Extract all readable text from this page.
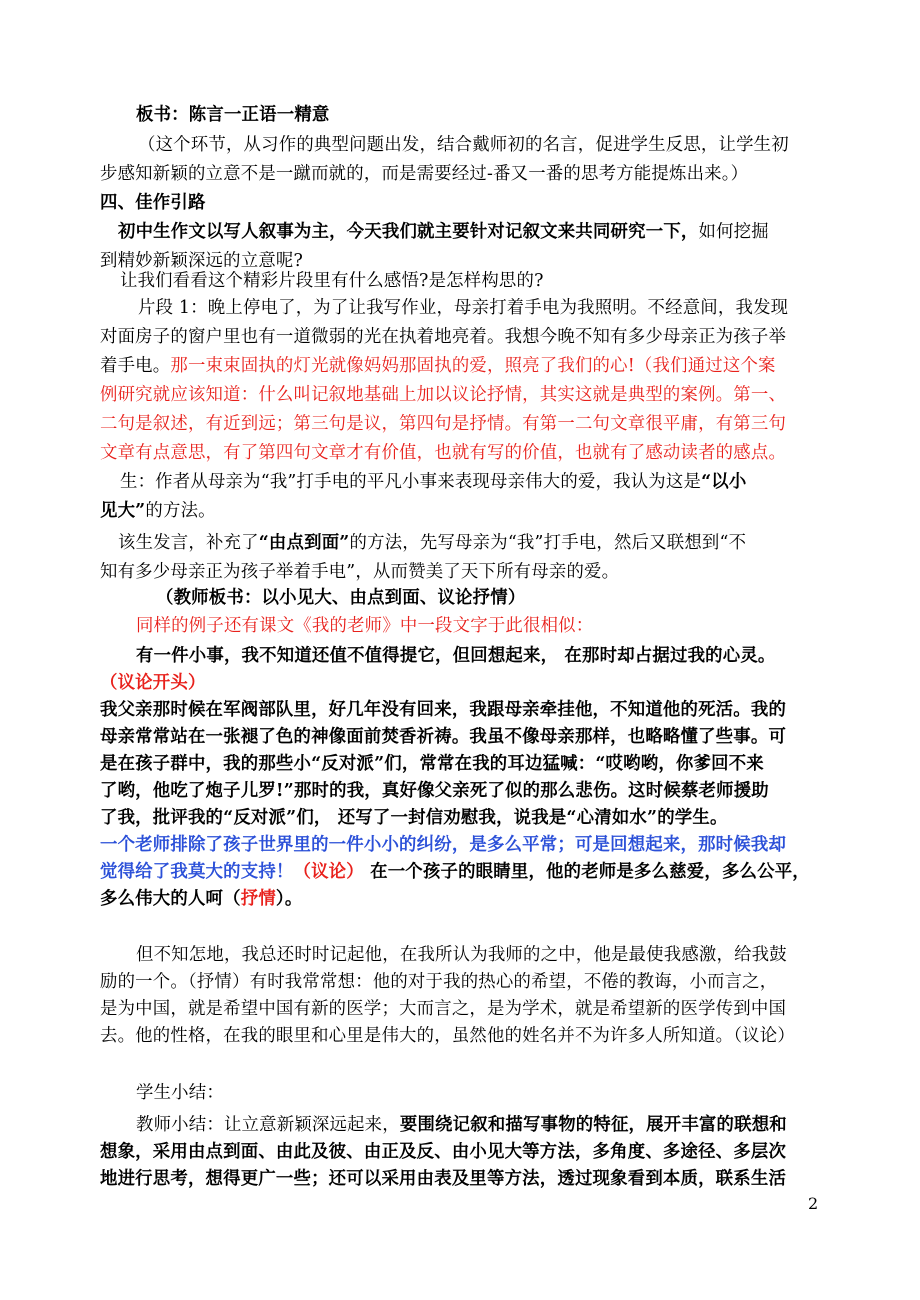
板书：陈言一正语一精意
（这个环节，从习作的典型问题出发，结合戴师初的名言，促进学生反思，让学生初
步感知新颖的立意不是一蹴而就的，而是需要经过-番又一番的思考方能提炼出来。）
四、佳作引路
初中生作文以写人叙事为主，今天我们就主要针对记叙文来共同研究一下，如何挖掘
到精妙新颖深远的立意呢?
让我们看看这个精彩片段里有什么感悟?是怎样构思的?
片段 1：晚上停电了，为了让我写作业，母亲打着手电为我照明。不经意间，我发现
对面房子的窗户里也有一道微弱的光在执着地亮着。我想今晚不知有多少母亲正为孩子举
着手电。那一束束固执的灯光就像妈妈那固执的爱，照亮了我们的心!（我们通过这个案
例研究就应该知道：什么叫记叙地基础上加以议论抒情，其实这就是典型的案例。第一、
二句是叙述，有近到远；第三句是议，第四句是抒情。有第一二句文章很平庸，有第三句
文章有点意思，有了第四句文章才有价值，也就有写的价值，也就有了感动读者的感点。
生：作者从母亲为“我”打手电的平凡小事来表现母亲伟大的爱，我认为这是“以小
见大”的方法。
该生发言，补充了“由点到面”的方法，先写母亲为“我”打手电，然后又联想到“不
知有多少母亲正为孩子举着手电”，从而赞美了天下所有母亲的爱。
（教师板书：以小见大、由点到面、议论抒情）
同样的例子还有课文《我的老师》中一段文字于此很相似：
有一件小事，我不知道还值不值得提它，但回想起来， 在那时却占据过我的心灵。
（议论开头）
我父亲那时候在军阀部队里，好几年没有回来，我跟母亲牵挂他，不知道他的死活。我的
母亲常常站在一张褪了色的神像面前焚香祈祷。我虽不像母亲那样，也略略懂了些事。可
是在孩子群中，我的那些小“反对派”们，常常在我的耳边猛喊：“哎哟哟，你爹回不来
了哟，他吃了炮子儿罗!”那时的我，真好像父亲死了似的那么悲伤。这时候蔡老师援助
了我，批评我的“反对派”们， 还写了一封信劝慰我，说我是“心清如水”的学生。
一个老师排除了孩子世界里的一件小小的纠纷，是多么平常；可是回想起来，那时候我却
觉得给了我莫大的支持！（议论） 在一个孩子的眼睛里，他的老师是多么慈爱，多么公平，
多么伟大的人呵（抒情）。
但不知怎地，我总还时时记起他，在我所认为我师的之中，他是最使我感激，给我鼓
励的一个。（抒情）有时我常常想：他的对于我的热心的希望，不倦的教诲，小而言之，
是为中国，就是希望中国有新的医学；大而言之，是为学术，就是希望新的医学传到中国
去。他的性格，在我的眼里和心里是伟大的，虽然他的姓名并不为许多人所知道。（议论）
学生小结：
教师小结：让立意新颖深远起来，要围绕记叙和描写事物的特征，展开丰富的联想和
想象，采用由点到面、由此及彼、由正及反、由小见大等方法，多角度、多途径、多层次
地进行思考，想得更广一些；还可以采用由表及里等方法，透过现象看到本质，联系生活
2
